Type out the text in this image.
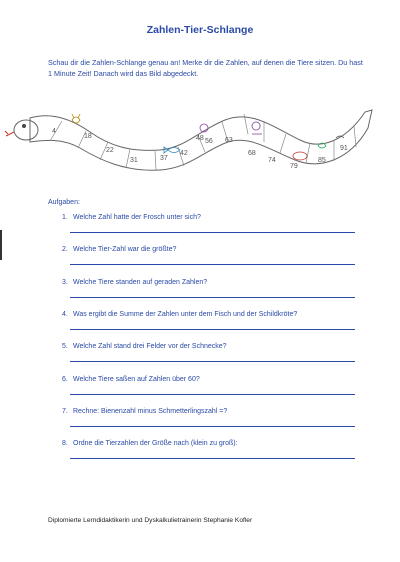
Zahlen-Tier-Schlange
Schau dir die Zahlen-Schlange genau an! Merke dir die Zahlen, auf denen die Tiere sitzen. Du hast 1 Minute Zeit! Danach wird das Bild abgedeckt.
4
18
22
31	37
42
48 56 63
68
74
79
85
91
Aufgaben:
1. Welche Zahl hatte der Frosch unter sich?
2. Welche Tier-Zahl war die größte?
3. Welche Tiere standen auf geraden Zahlen?
4. Was ergibt die Summe der Zahlen unter dem Fisch und der Schildkröte?
5. Welche Zahl stand drei Felder vor der Schnecke?
6. Welche Tiere saßen auf Zahlen über 60?
7. Rechne: Bienenzahl minus Schmetterlingszahl =?
8. Ordne die Tierzahlen der Größe nach (klein zu groß):
Diplomierte Lerndidaktikerin und Dyskalkulietrainerin Stephanie Kofler
